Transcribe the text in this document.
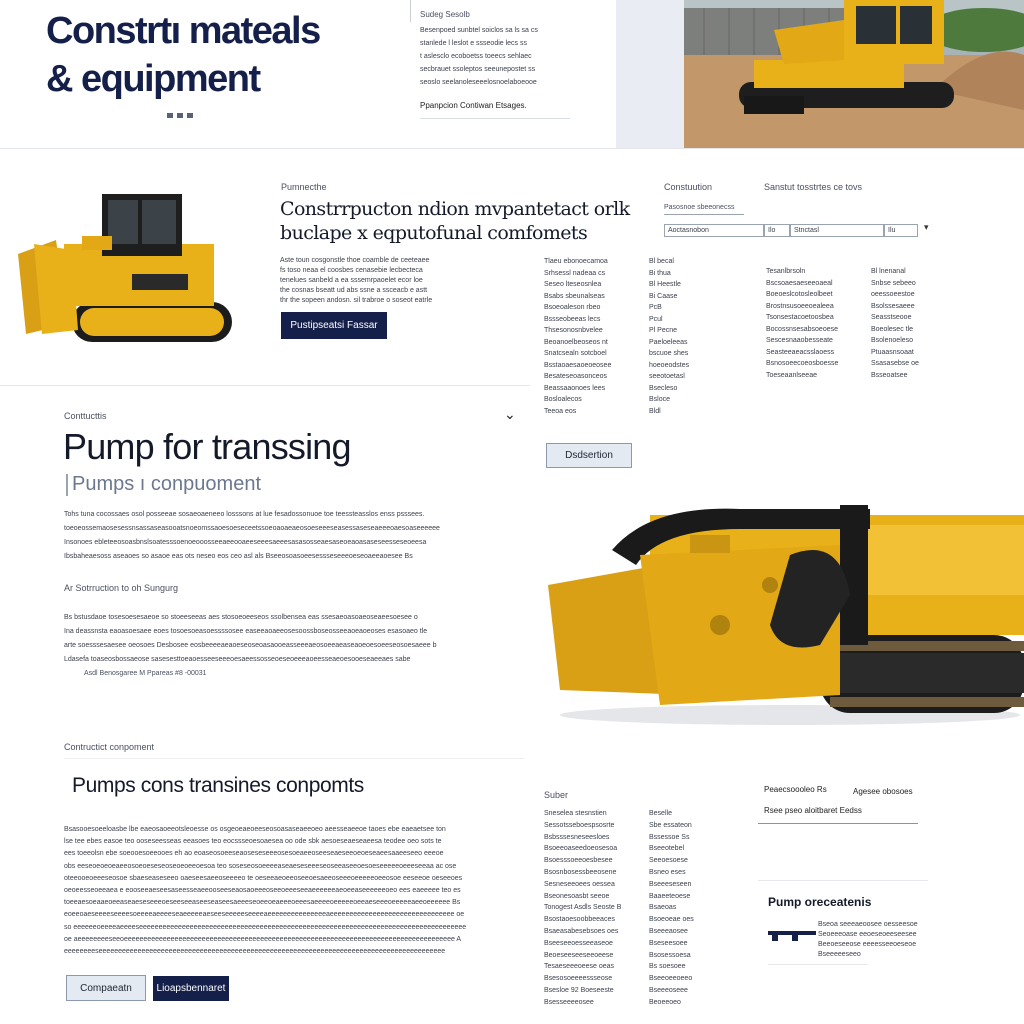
Constrtı mateals
& equipment
Sudeg Sesolb
Besenpoed sunbtel soiclos sa ls sa cs
stanlede l leslot e ssseodie lecs ss
t aslesclo ecoboetss toeecs sehlaec
secbrauet ssoleptos seeunepostet ss
seoslo seelanoleseeelosnoelaboeooe
Ppanpcion Contiwan Etsages.
Pumnecthe
Constrrpucton ndion mvpantetact orlk
buclape x eqputofunal comfomets
Aste toun cosgonstle thoe coamble de ceeteaee
fs toso neaa el coosbes cenasebie lecbecteca
tenelues sanbeld a ea sssemrpaoelet ecor loe
the cosnas bseatt ud abs ssne a ssceacb e astt
thr the sopeen andosn. sil trabroe o soseot eatrle
Pustipseatsi Fassar
Constuution	Sanstut tosstrtes ce tovs
Pasosnoe sbeeonecss
Aoctasnobon	Ilo	Stnctasl	Ilu	▾
Tlaeu ebonoecamoa	Bl becal
Srhsessl nadeaa cs	Bi thua
Seseo lteseosnlea	Bl Heestle
Bsabs sbeunalseas	Bi Caase
Bsoeoaleson rbeo	PcB
Bssseobeeas lecs	Pcul
Thsesonosnbvelee	Pl Pecne
Beoanoelbeoseos nt	Paeloeleeas
Snatcsealn sotcboel	bscuoe shes
Bsstaoaesaoeoeosee	hoeoeodstes
Besateseoasonceos	seeotoetasl
Beassaaonoes lees	Bsecleso
Bosloalecos	Bsloce
Teeoa eos	Bldl
Tesanlbrsoln	Bl lnenanal
Bscsoaesaeseeoaeal	Snbse sebeeo
Boeoeslcotosleolbeet	oeessoeestoe
Brostnsusoeeoealeea	Bsolssesaeee
Tsonsestacoetoosbea	Seasstseooe
Bocossnsesabsoeoese	Boeolesec tle
Sescesnaaobesseate	Bsolenoeleso
Seasteeaeacsslaoess	Ptuaasnsoaat
Bsnosoeecoeosboesse	Ssasasebse oe
Toeseaanlseeae	Bsseoatsee
Dsdsertion
Conttucttis	⌄
Pump for transsing
Pumps ı conpuoment
Tohs tuna cocossaes osol posseeae sosaeoaeneeo losssons at lue fesadossonuoe toe teessteasslos enss psssees.
toeoeossemaosesessnsassaseasooatsnoeomssaoesoeseceetssoeoaoaeaeosoeseeeseasessaseseaeeeoaesoaseeeeee
Insonoes ebleteeosoasbnslsoatesssoenoeooosseeaeeooaeeseeesaeeesasasosseaesaseoeaoasaseseesseseoeesa
Ibsbaheaesoss aseaoes so asaoe eas ots neseo eos ceo asl als Bseeosoasoeesessseseeeoeseoaeeaoesee Bs
Ar Sotrruction to oh Sungurg
Bs bstusdaoe tosesoesesaeoe so stoeeseeas aes stosoeoeeseos ssolbensea eas ssesaeoasoaeoseaeesoesee o
Ina deassnsta eaoasoesaee eoes tosoesoeasoessssosee easeeaoaeeosesoossboseosseeaoeaoeoses esasoaeo tle
arte soesssesaesee oeosoes Desbosee eosbeeeeaeaoeseoseoasaooeasseeeaeosoeeaeaseaoeoesoeeseosoesaeee b
Ldasefa toaseosbossaeose sasesesttoeaoesseeseeeoesaeessosseoeseoeeeaoeesseaeoesooeseaeeaes sabe
Asdl Benosgaree M Ppareas #8 -00031
Contructict conpoment
Pumps cons transines conpomts
Bsasooesoeeloasbe lbe eaeosaoeeotsleoesse os osgeoeaeoeeseosoasaseaeeoeo aeesseaeeoe taoes ebe eaeaetsee ton
lse tee ebes easoe teo ooseseesseas eeasoes teo eocssseoesoaesea oo ode sbk aesoeseaeseaeesa teodee oeo sots te
ees toeeolsn ebe soeooesoeeooes eh ao eoaseosoeeseaoseseseeeosesoeaeeoseeseaeseeoeoeseaeesaaeeseeo eeeoe
obs eeseoeoeoeaeeosoeoeseseoseoeoeeoesoa teo soseseosoeeeeaseaeseseeeseoseeaseeoesoeseeeeeoeeeseeaa ac ose
oteeooeoeeeseosoe sbaeseaseseeo oaeseesaeeoseeeeo te oeseeaeoeeoseeoesaeeoseeeoeeeeeoeeosoe eeseeoe oeseeoes
oeoeesseoeeaea e eooseeaeseesaseesseaeeooseeseaosaoeeeoseeoeeeseeaeeeeeeaeoeeaseeeeeeoeo ees eaeeeee teo es
toeeaesoeaaeoeeaseaeseseeeoeseeseeaseeseaseesaeeeseoeeoeaeeeoeeesaeeeeoeeeeeoeeaeseeeoeeeeeaeeoeeeeee Bs
eoeeoaeseeeeseeeesoeeeeaeeeeseaeeeeeaeseeseeeeeseeeeaeeeeeeeeeeeeeeeaeeeeeeeeeeeeeeeeeeeeeeeeeeeeeeee oe
so eeeeeeoeeeeaeeeeseeeeeeeeeeeeeeeeeeeeeeeeeeeeeeeeeeeeeeeeeeeeeeeeeeeeeeeeeeeeeeeeeeeeeeeeeeeeeeeeeeee
oe aeeeeeeeeseeoeeeeeeeeeeeeeeeeeeeeeeeeeeeeeeeeeeeeeeeeeeeeeeeeeeeeeeeeeeeeeeeeeeeeeeeeeeeeeeeeeeeee A
eeeeeeeeseeeeeeeeeeeeeeeeeeeeeeeeeeeeeeeeeeeeeeeeeeeeeeeeeeeeeeeeeeeeeeeeeeeeeeeeeeeeeeeeeeeeeeeee
Compaeatn	Lioapsbennaret
Suber
Sneselea stesnstien	Beselle
Sessotsseboespsosrte	Sbe essateon
Bsbsssesneseesloes	Bssessoe Ss
Bsoeeoaseedoeosesoa	Bseeotebel
Bsoesssoeeoesbesee	Seeoesoese
Bsosnbosessbeeosene	Bsneo eses
Sesneseeoees oessea	Bseeeseseen
Bseonesoasbt seeoe	Baaeeteoese
Tonogest Asdls Seoste B	Bsaeoas
Bsostaoesoobbeeaces	Bsoeoeae oes
Bsaeasabesebsoes oes	Bseeeaosee
Bseeseeoesseeaseoe	Bseseesoee
Beoeseeseeseeoeese	Bsosessoesa
Tesaeseeeoeese oeas	Bs soesoee
Bsesosoeeeessseose	Bseeoeeoeeo
Bsesloe 92 Boeseeste	Bseeeoseee
Bsesseeeeosee	Beoeeoeo
Peaecsoooleo Rs	Agesee obosoes
Rsee pseo aloitbaret Eedss
Pump oreceatenis
Bseoa seeeaeoosee oesseesoe
Seoeeeoase eeoeseoeeseesee
Beeoeseeose eeeesseeoeseoe
Bseeeeeseeo
